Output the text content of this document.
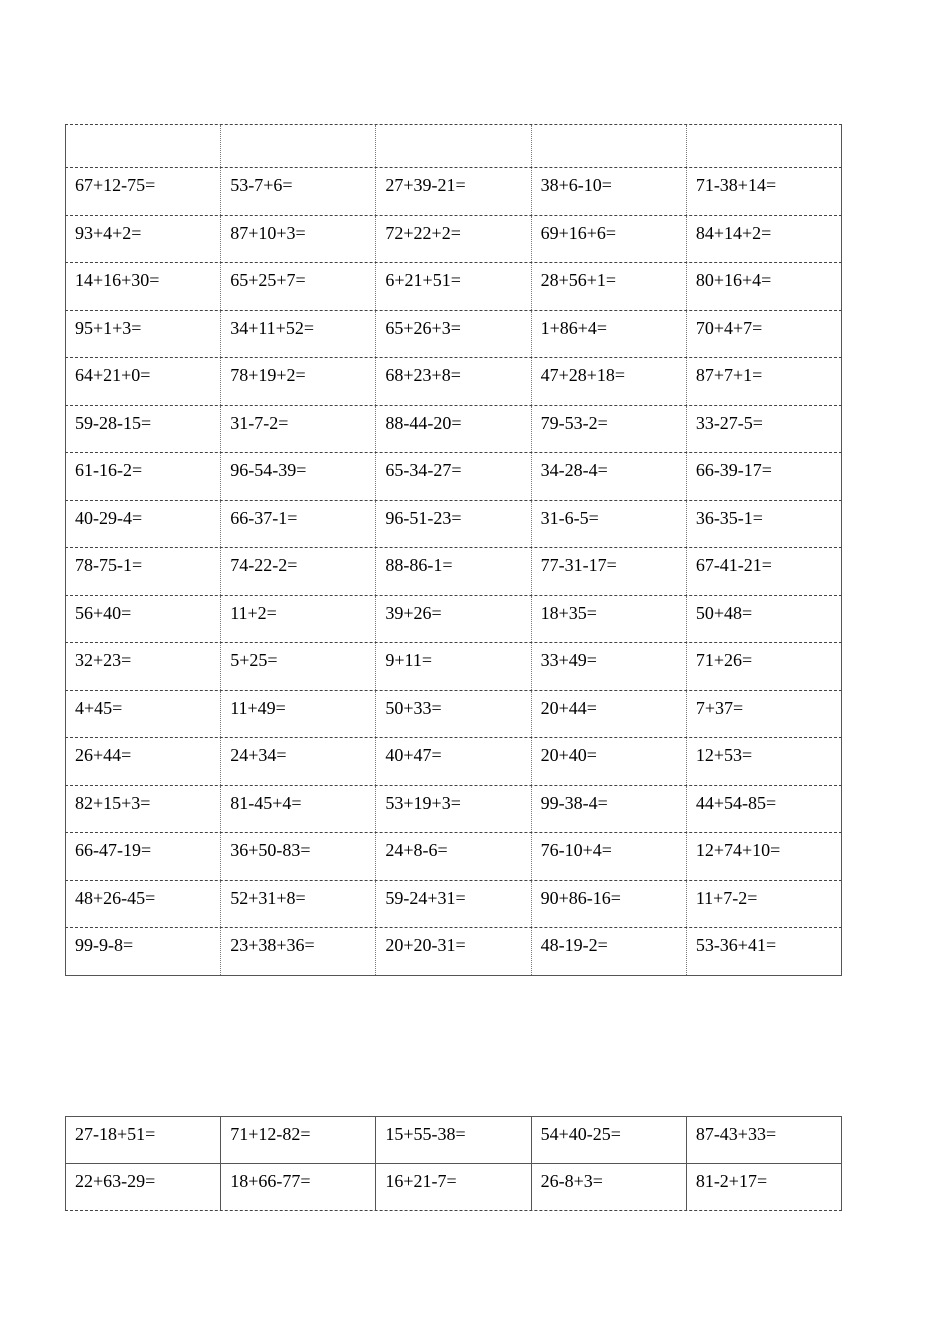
67+12-75=	53-7+6=	27+39-21=	38+6-10=	71-38+14=
93+4+2=	87+10+3=	72+22+2=	69+16+6=	84+14+2=
14+16+30=	65+25+7=	6+21+51=	28+56+1=	80+16+4=
95+1+3=	34+11+52=	65+26+3=	1+86+4=	70+4+7=
64+21+0=	78+19+2=	68+23+8=	47+28+18=	87+7+1=
59-28-15=	31-7-2=	88-44-20=	79-53-2=	33-27-5=
61-16-2=	96-54-39=	65-34-27=	34-28-4=	66-39-17=
40-29-4=	66-37-1=	96-51-23=	31-6-5=	36-35-1=
78-75-1=	74-22-2=	88-86-1=	77-31-17=	67-41-21=
56+40=	11+2=	39+26=	18+35=	50+48=
32+23=	5+25=	9+11=	33+49=	71+26=
4+45=	11+49=	50+33=	20+44=	7+37=
26+44=	24+34=	40+47=	20+40=	12+53=
82+15+3=	81-45+4=	53+19+3=	99-38-4=	44+54-85=
66-47-19=	36+50-83=	24+8-6=	76-10+4=	12+74+10=
48+26-45=	52+31+8=	59-24+31=	90+86-16=	11+7-2=
99-9-8=	23+38+36=	20+20-31=	48-19-2=	53-36+41=
27-18+51=	71+12-82=	15+55-38=	54+40-25=	87-43+33=
22+63-29=	18+66-77=	16+21-7=	26-8+3=	81-2+17=
